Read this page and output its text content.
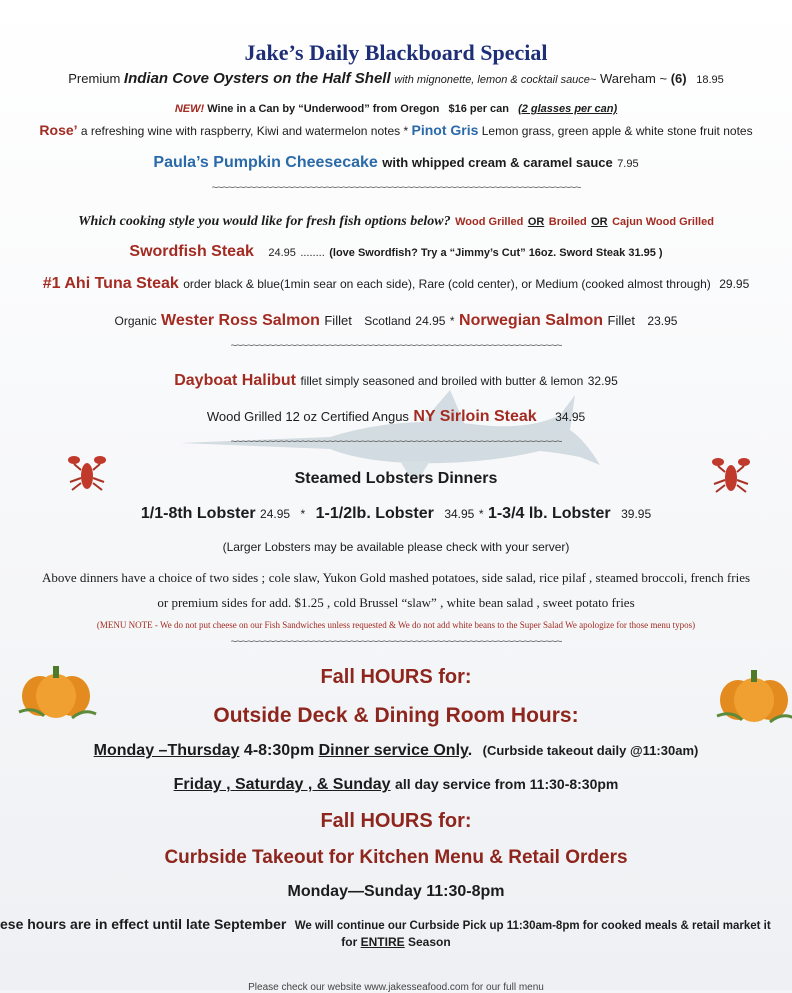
Jake’s Daily Blackboard Special
Premium Indian Cove Oysters on the Half Shell with mignonette, lemon & cocktail sauce~ Wareham ~ (6) 18.95
NEW! Wine in a Can by “Underwood” from Oregon $16 per can (2 glasses per can)
Rose’ a refreshing wine with raspberry, Kiwi and watermelon notes * Pinot Gris Lemon grass, green apple & white stone fruit notes
Paula’s Pumpkin Cheesecake with whipped cream & caramel sauce 7.95
~~~~~~~~~~~~~~~~~~~~~~~~~~~~~~~~~~~~~~~~~~~~~~~~~~~~~~~~~~~~~~~~~~~~
Which cooking style you would like for fresh fish options below? Wood Grilled OR Broiled OR Cajun Wood Grilled
Swordfish Steak 24.95 ........ (love Swordfish? Try a “Jimmy’s Cut” 16oz. Sword Steak 31.95 )
#1 Ahi Tuna Steak order black & blue(1min sear on each side), Rare (cold center), or Medium (cooked almost through) 29.95
Organic Wester Ross Salmon Fillet Scotland 24.95 * Norwegian Salmon Fillet 23.95
~~~~~~~~~~~~~~~~~~~~~~~~~~~~~~~~~~~~~~~~~~~~~~~~~~~~~~~~~~~~~
Dayboat Halibut fillet simply seasoned and broiled with butter & lemon 32.95
Wood Grilled 12 oz Certified Angus NY Sirloin Steak 34.95
~~~~~~~~~~~~~~~~~~~~~~~~~~~~~~~~~~~~~~~~~~~~~~~~~~~~~~~~~~~~~
Steamed Lobsters Dinners
1/1-8th Lobster 24.95 * 1-1/2lb. Lobster 34.95 * 1-3/4 lb. Lobster 39.95
(Larger Lobsters may be available please check with your server)
Above dinners have a choice of two sides ; cole slaw, Yukon Gold mashed potatoes, side salad, rice pilaf , steamed broccoli, french fries
or premium sides for add. $1.25 , cold Brussel “slaw” , white bean salad , sweet potato fries
(MENU NOTE - We do not put cheese on our Fish Sandwiches unless requested & We do not add white beans to the Super Salad We apologize for those menu typos)
~~~~~~~~~~~~~~~~~~~~~~~~~~~~~~~~~~~~~~~~~~~~~~~~~~~~~~~~~~~~~
Fall HOURS for:
Outside Deck & Dining Room Hours:
Monday –Thursday 4-8:30pm Dinner service Only. (Curbside takeout daily @11:30am)
Friday , Saturday , & Sunday all day service from 11:30-8:30pm
Fall HOURS for:
Curbside Takeout for Kitchen Menu & Retail Orders
Monday—Sunday 11:30-8pm
ese hours are in effect until late September We will continue our Curbside Pick up 11:30am-8pm for cooked meals & retail market it
for ENTIRE Season
Please check our website www.jakesseafood.com for our full menu
